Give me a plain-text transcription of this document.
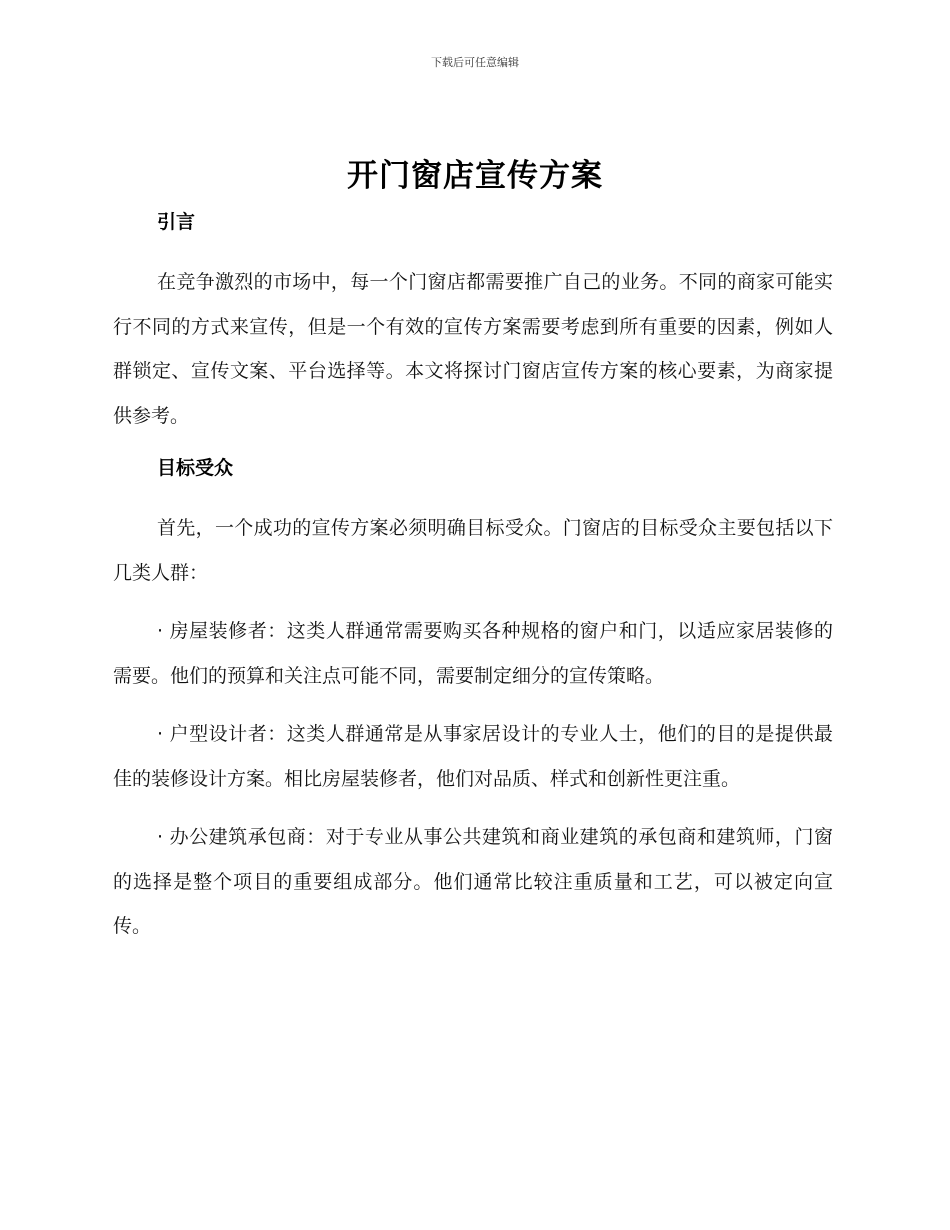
下载后可任意编辑
开门窗店宣传方案
引言

在竞争激烈的市场中，每一个门窗店都需要推广自己的业务。不同的商家可能实行不同的方式来宣传，但是一个有效的宣传方案需要考虑到所有重要的因素，例如人群锁定、宣传文案、平台选择等。本文将探讨门窗店宣传方案的核心要素，为商家提供参考。

目标受众

首先，一个成功的宣传方案必须明确目标受众。门窗店的目标受众主要包括以下几类人群：

· 房屋装修者：这类人群通常需要购买各种规格的窗户和门，以适应家居装修的需要。他们的预算和关注点可能不同，需要制定细分的宣传策略。

· 户型设计者：这类人群通常是从事家居设计的专业人士，他们的目的是提供最佳的装修设计方案。相比房屋装修者，他们对品质、样式和创新性更注重。

· 办公建筑承包商：对于专业从事公共建筑和商业建筑的承包商和建筑师，门窗的选择是整个项目的重要组成部分。他们通常比较注重质量和工艺，可以被定向宣传。
